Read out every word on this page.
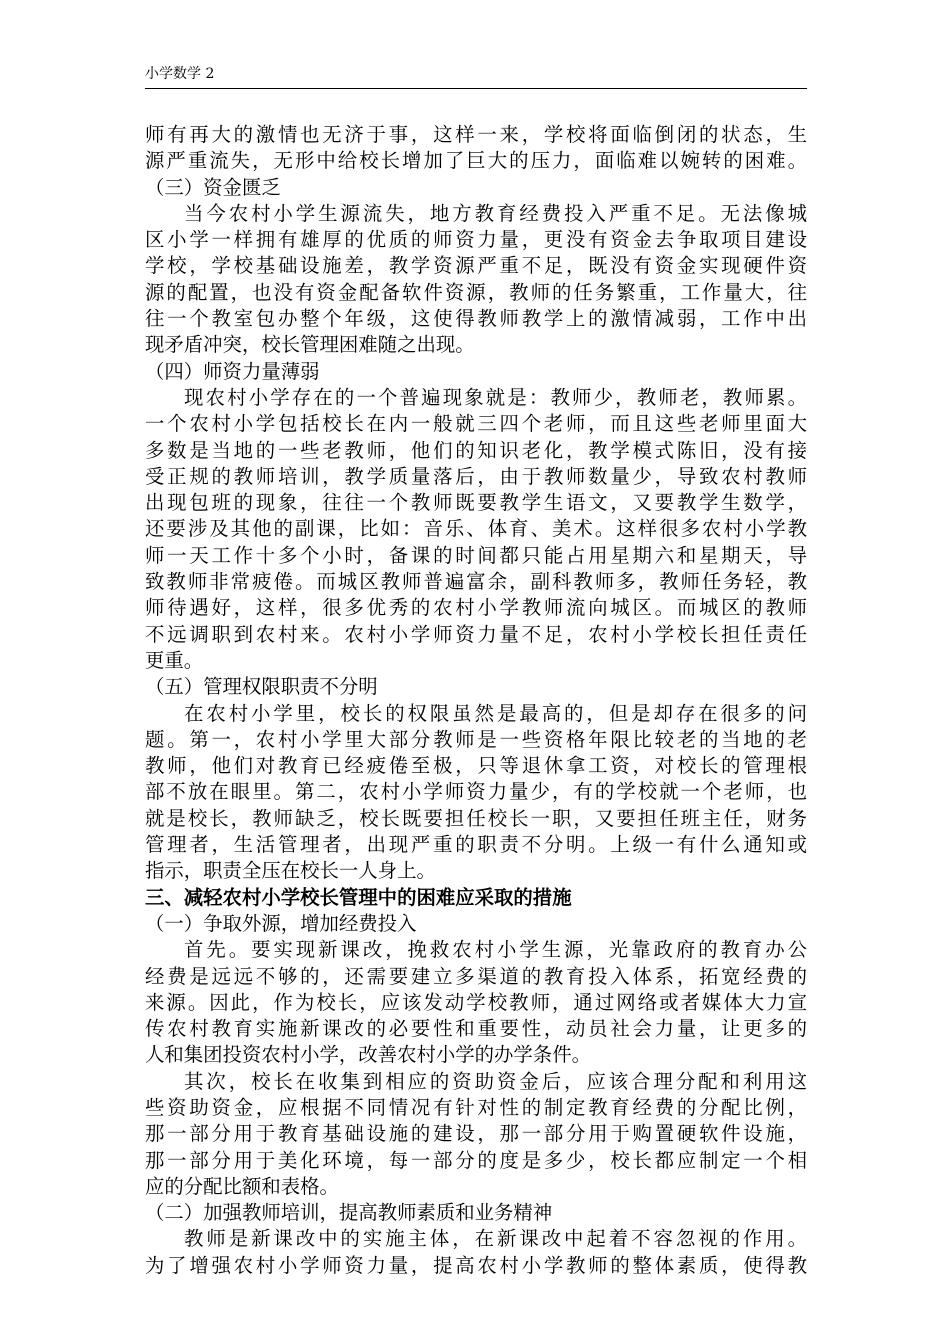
小学数学 2
师有再大的激情也无济于事，这样一来，学校将面临倒闭的状态，生
源严重流失，无形中给校长增加了巨大的压力，面临难以婉转的困难。
（三）资金匮乏
当今农村小学生源流失，地方教育经费投入严重不足。无法像城
区小学一样拥有雄厚的优质的师资力量，更没有资金去争取项目建设
学校，学校基础设施差，教学资源严重不足，既没有资金实现硬件资
源的配置，也没有资金配备软件资源，教师的任务繁重，工作量大，往
往一个教室包办整个年级，这使得教师教学上的激情减弱，工作中出
现矛盾冲突，校长管理困难随之出现。
（四）师资力量薄弱
现农村小学存在的一个普遍现象就是：教师少，教师老，教师累。
一个农村小学包括校长在内一般就三四个老师，而且这些老师里面大
多数是当地的一些老教师，他们的知识老化，教学模式陈旧，没有接
受正规的教师培训，教学质量落后，由于教师数量少，导致农村教师
出现包班的现象，往往一个教师既要教学生语文，又要教学生数学，
还要涉及其他的副课，比如：音乐、体育、美术。这样很多农村小学教
师一天工作十多个小时，备课的时间都只能占用星期六和星期天，导
致教师非常疲倦。而城区教师普遍富余，副科教师多，教师任务轻，教
师待遇好，这样，很多优秀的农村小学教师流向城区。而城区的教师
不远调职到农村来。农村小学师资力量不足，农村小学校长担任责任
更重。
（五）管理权限职责不分明
在农村小学里，校长的权限虽然是最高的，但是却存在很多的问
题。第一，农村小学里大部分教师是一些资格年限比较老的当地的老
教师，他们对教育已经疲倦至极，只等退休拿工资，对校长的管理根
部不放在眼里。第二，农村小学师资力量少，有的学校就一个老师，也
就是校长，教师缺乏，校长既要担任校长一职，又要担任班主任，财务
管理者，生活管理者，出现严重的职责不分明。上级一有什么通知或
指示，职责全压在校长一人身上。
三、减轻农村小学校长管理中的困难应采取的措施
（一）争取外源，增加经费投入
首先。要实现新课改，挽救农村小学生源，光靠政府的教育办公
经费是远远不够的，还需要建立多渠道的教育投入体系，拓宽经费的
来源。因此，作为校长，应该发动学校教师，通过网络或者媒体大力宣
传农村教育实施新课改的必要性和重要性，动员社会力量，让更多的
人和集团投资农村小学，改善农村小学的办学条件。
其次，校长在收集到相应的资助资金后，应该合理分配和利用这
些资助资金，应根据不同情况有针对性的制定教育经费的分配比例，
那一部分用于教育基础设施的建设，那一部分用于购置硬软件设施，
那一部分用于美化环境，每一部分的度是多少，校长都应制定一个相
应的分配比额和表格。
（二）加强教师培训，提高教师素质和业务精神
教师是新课改中的实施主体，在新课改中起着不容忽视的作用。
为了增强农村小学师资力量，提高农村小学教师的整体素质，使得教
